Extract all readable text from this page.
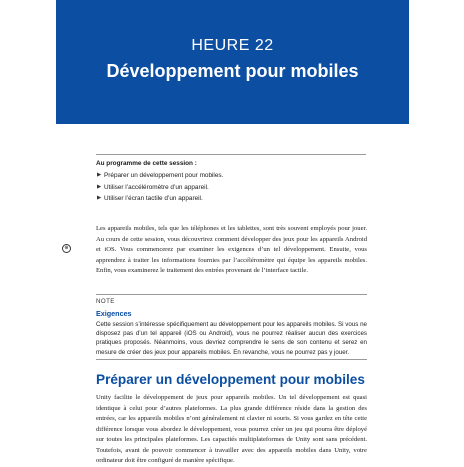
HEURE 22
Développement pour mobiles
Au programme de cette session :
▶ Préparer un développement pour mobiles.
▶ Utiliser l’accéléromètre d’un appareil.
▶ Utiliser l’écran tactile d’un appareil.
⊕
Les appareils mobiles, tels que les téléphones et les tablettes, sont très souvent employés pour jouer. Au cours de cette session, vous découvrirez comment développer des jeux pour les appareils Android et iOS. Vous commencerez par examiner les exigences d’un tel développement. Ensuite, vous apprendrez à traiter les informations fournies par l’accéléromètre qui équipe les appareils mobiles. Enfin, vous examinerez le traitement des entrées provenant de l’interface tactile.
NOTE
Exigences
Cette session s’intéresse spécifiquement au développement pour les appareils mobiles. Si vous ne disposez pas d’un tel appareil (iOS ou Android), vous ne pourrez réaliser aucun des exercices pratiques proposés. Néanmoins, vous devriez comprendre le sens de son contenu et serez en mesure de créer des jeux pour appareils mobiles. En revanche, vous ne pourrez pas y jouer.
Préparer un développement pour mobiles
Unity facilite le développement de jeux pour appareils mobiles. Un tel développement est quasi identique à celui pour d’autres plateformes. La plus grande différence réside dans la gestion des entrées, car les appareils mobiles n’ont généralement ni clavier ni souris. Si vous gardez en tête cette différence lorsque vous abordez le développement, vous pourrez créer un jeu qui pourra être déployé sur toutes les principales plateformes. Les capacités multiplateformes de Unity sont sans précédent. Toutefois, avant de pouvoir commencer à travailler avec des appareils mobiles dans Unity, votre ordinateur doit être configuré de manière spécifique.
